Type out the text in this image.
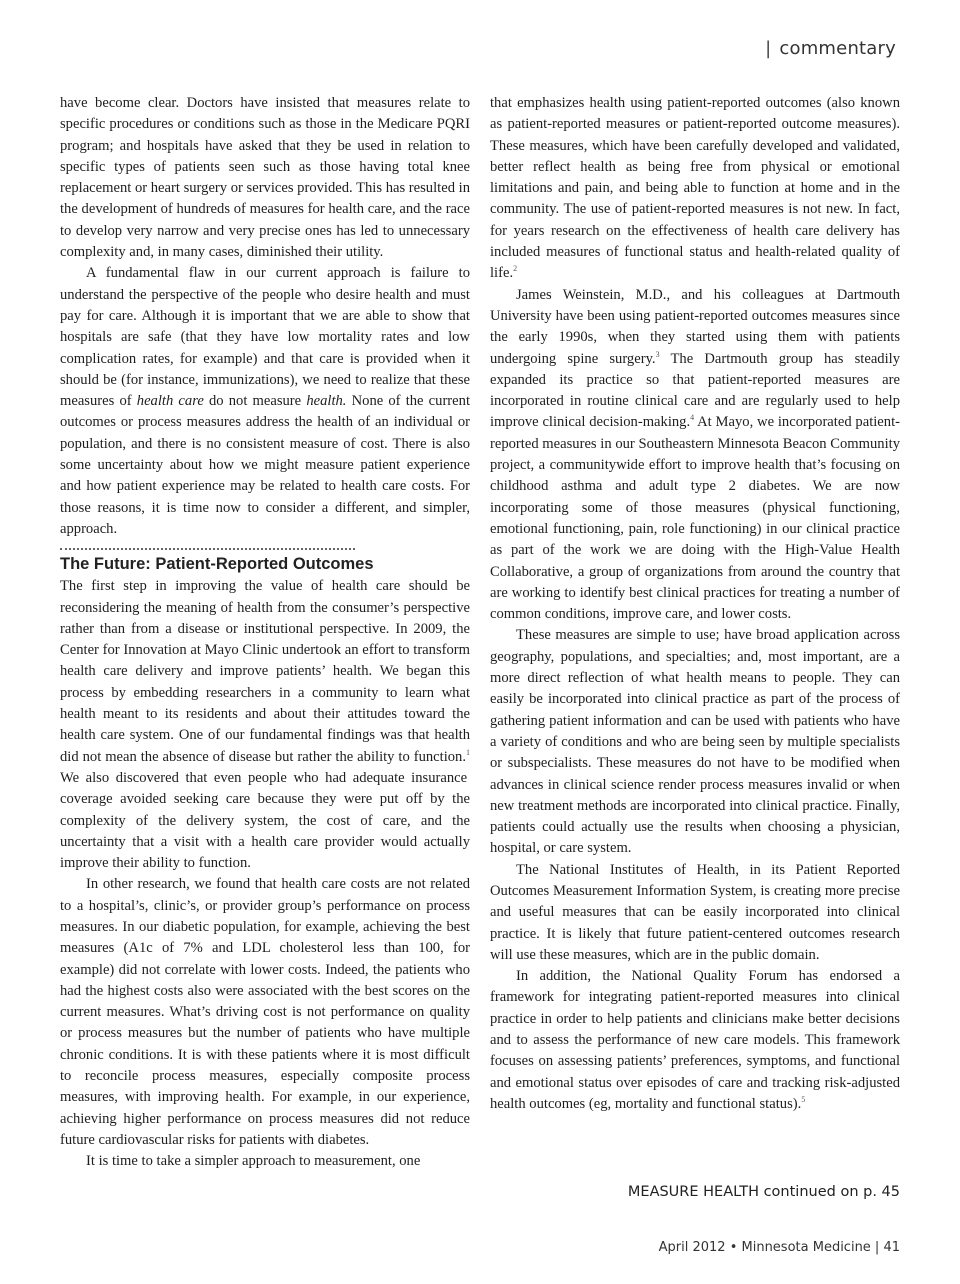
| commentary

have become clear. Doctors have insisted that measures relate to specific procedures or conditions such as those in the Medicare PQRI program; and hospitals have asked that they be used in relation to specific types of patients seen such as those having total knee replacement or heart surgery or services provided. This has resulted in the development of hundreds of measures for health care, and the race to develop very narrow and very precise ones has led to unnecessary complexity and, in many cases, diminished their utility.

A fundamental flaw in our current approach is failure to understand the perspective of the people who desire health and must pay for care. Although it is important that we are able to show that hospitals are safe (that they have low mortality rates and low complication rates, for example) and that care is provided when it should be (for instance, immunizations), we need to realize that these measures of health care do not measure health. None of the current outcomes or process measures address the health of an individual or population, and there is no consistent measure of cost. There is also some uncertainty about how we might measure patient experience and how patient experience may be related to health care costs. For those reasons, it is time now to consider a different, and simpler, approach.

The Future: Patient-Reported Outcomes

The first step in improving the value of health care should be reconsidering the meaning of health from the consumer’s perspective rather than from a disease or institutional perspective. In 2009, the Center for Innovation at Mayo Clinic undertook an effort to transform health care delivery and improve patients’ health. We began this process by embedding researchers in a community to learn what health meant to its residents and about their attitudes toward the health care system. One of our fundamental findings was that health did not mean the absence of disease but rather the ability to function.$^1$ We also discovered that even people who had adequate insurance coverage avoided seeking care because they were put off by the complexity of the delivery system, the cost of care, and the uncertainty that a visit with a health care provider would actually improve their ability to function.

In other research, we found that health care costs are not related to a hospital’s, clinic’s, or provider group’s performance on process measures. In our diabetic population, for example, achieving the best measures (A1c of 7% and LDL cholesterol less than 100, for example) did not correlate with lower costs. Indeed, the patients who had the highest costs also were associated with the best scores on the current measures. What’s driving cost is not performance on quality or process measures but the number of patients who have multiple chronic conditions. It is with these patients where it is most difficult to reconcile process measures, especially composite process measures, with improving health. For example, in our experience, achieving higher performance on process measures did not reduce future cardiovascular risks for patients with diabetes.

It is time to take a simpler approach to measurement, one

that emphasizes health using patient-reported outcomes (also known as patient-reported measures or patient-reported outcome measures). These measures, which have been carefully developed and validated, better reflect health as being free from physical or emotional limitations and pain, and being able to function at home and in the community. The use of patient-reported measures is not new. In fact, for years research on the effectiveness of health care delivery has included measures of functional status and health-related quality of life.$^2$

James Weinstein, M.D., and his colleagues at Dartmouth University have been using patient-reported outcomes measures since the early 1990s, when they started using them with patients undergoing spine surgery.$^3$ The Dartmouth group has steadily expanded its practice so that patient-reported measures are incorporated in routine clinical care and are regularly used to help improve clinical decision-making.$^4$ At Mayo, we incorporated patient-reported measures in our Southeastern Minnesota Beacon Community project, a communitywide effort to improve health that’s focusing on childhood asthma and adult type 2 diabetes. We are now incorporating some of those measures (physical functioning, emotional functioning, pain, role functioning) in our clinical practice as part of the work we are doing with the High-Value Health Collaborative, a group of organizations from around the country that are working to identify best clinical practices for treating a number of common conditions, improve care, and lower costs.

These measures are simple to use; have broad application across geography, populations, and specialties; and, most important, are a more direct reflection of what health means to people. They can easily be incorporated into clinical practice as part of the process of gathering patient information and can be used with patients who have a variety of conditions and who are being seen by multiple specialists or subspecialists. These measures do not have to be modified when advances in clinical science render process measures invalid or when new treatment methods are incorporated into clinical practice. Finally, patients could actually use the results when choosing a physician, hospital, or care system.

The National Institutes of Health, in its Patient Reported Outcomes Measurement Information System, is creating more precise and useful measures that can be easily incorporated into clinical practice. It is likely that future patient-centered outcomes research will use these measures, which are in the public domain.

In addition, the National Quality Forum has endorsed a framework for integrating patient-reported measures into clinical practice in order to help patients and clinicians make better decisions and to assess the performance of new care models. This framework focuses on assessing patients’ preferences, symptoms, and functional and emotional status over episodes of care and tracking risk-adjusted health outcomes (eg, mortality and functional status).$^5$

MEASURE HEALTH continued on p. 45
April 2012 • Minnesota Medicine | 41
